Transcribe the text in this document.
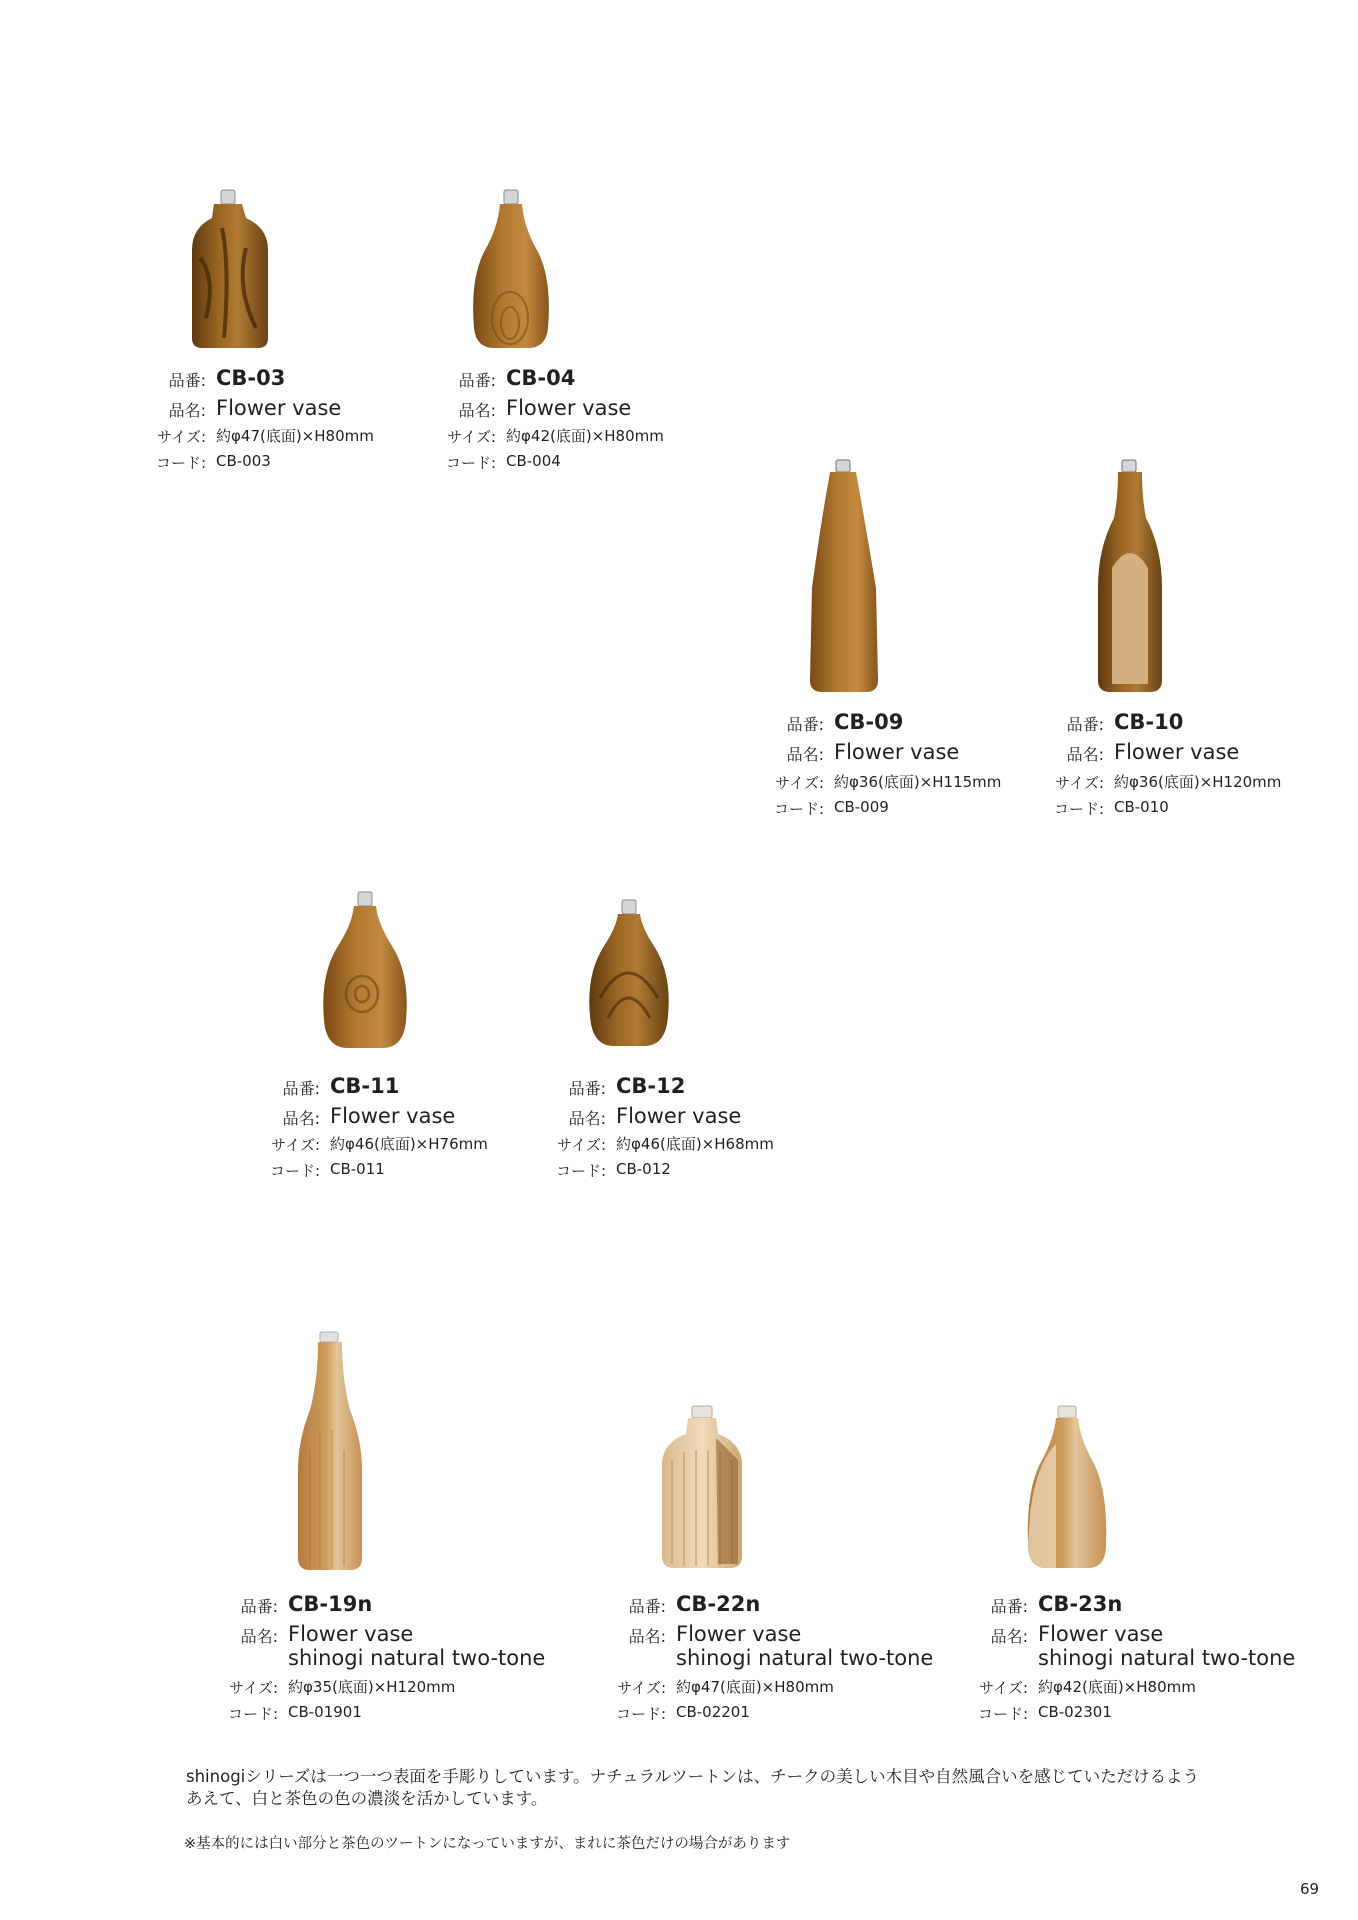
品番: CB-03
品名: Flower vase
サイズ: 約φ47(底面)×H80mm
コード: CB-003
品番: CB-04
品名: Flower vase
サイズ: 約φ42(底面)×H80mm
コード: CB-004
品番: CB-09
品名: Flower vase
サイズ: 約φ36(底面)×H115mm
コード: CB-009
品番: CB-10
品名: Flower vase
サイズ: 約φ36(底面)×H120mm
コード: CB-010
品番: CB-11
品名: Flower vase
サイズ: 約φ46(底面)×H76mm
コード: CB-011
品番: CB-12
品名: Flower vase
サイズ: 約φ46(底面)×H68mm
コード: CB-012
品番: CB-19n
品名: Flower vase
shinogi natural two-tone
サイズ: 約φ35(底面)×H120mm
コード: CB-01901
品番: CB-22n
品名: Flower vase
shinogi natural two-tone
サイズ: 約φ47(底面)×H80mm
コード: CB-02201
品番: CB-23n
品名: Flower vase
shinogi natural two-tone
サイズ: 約φ42(底面)×H80mm
コード: CB-02301
shinogiシリーズは一つ一つ表面を手彫りしています。ナチュラルツートンは、チークの美しい木目や自然風合いを感じていただけるよう
あえて、白と茶色の色の濃淡を活かしています。
※基本的には白い部分と茶色のツートンになっていますが、まれに茶色だけの場合があります
69
